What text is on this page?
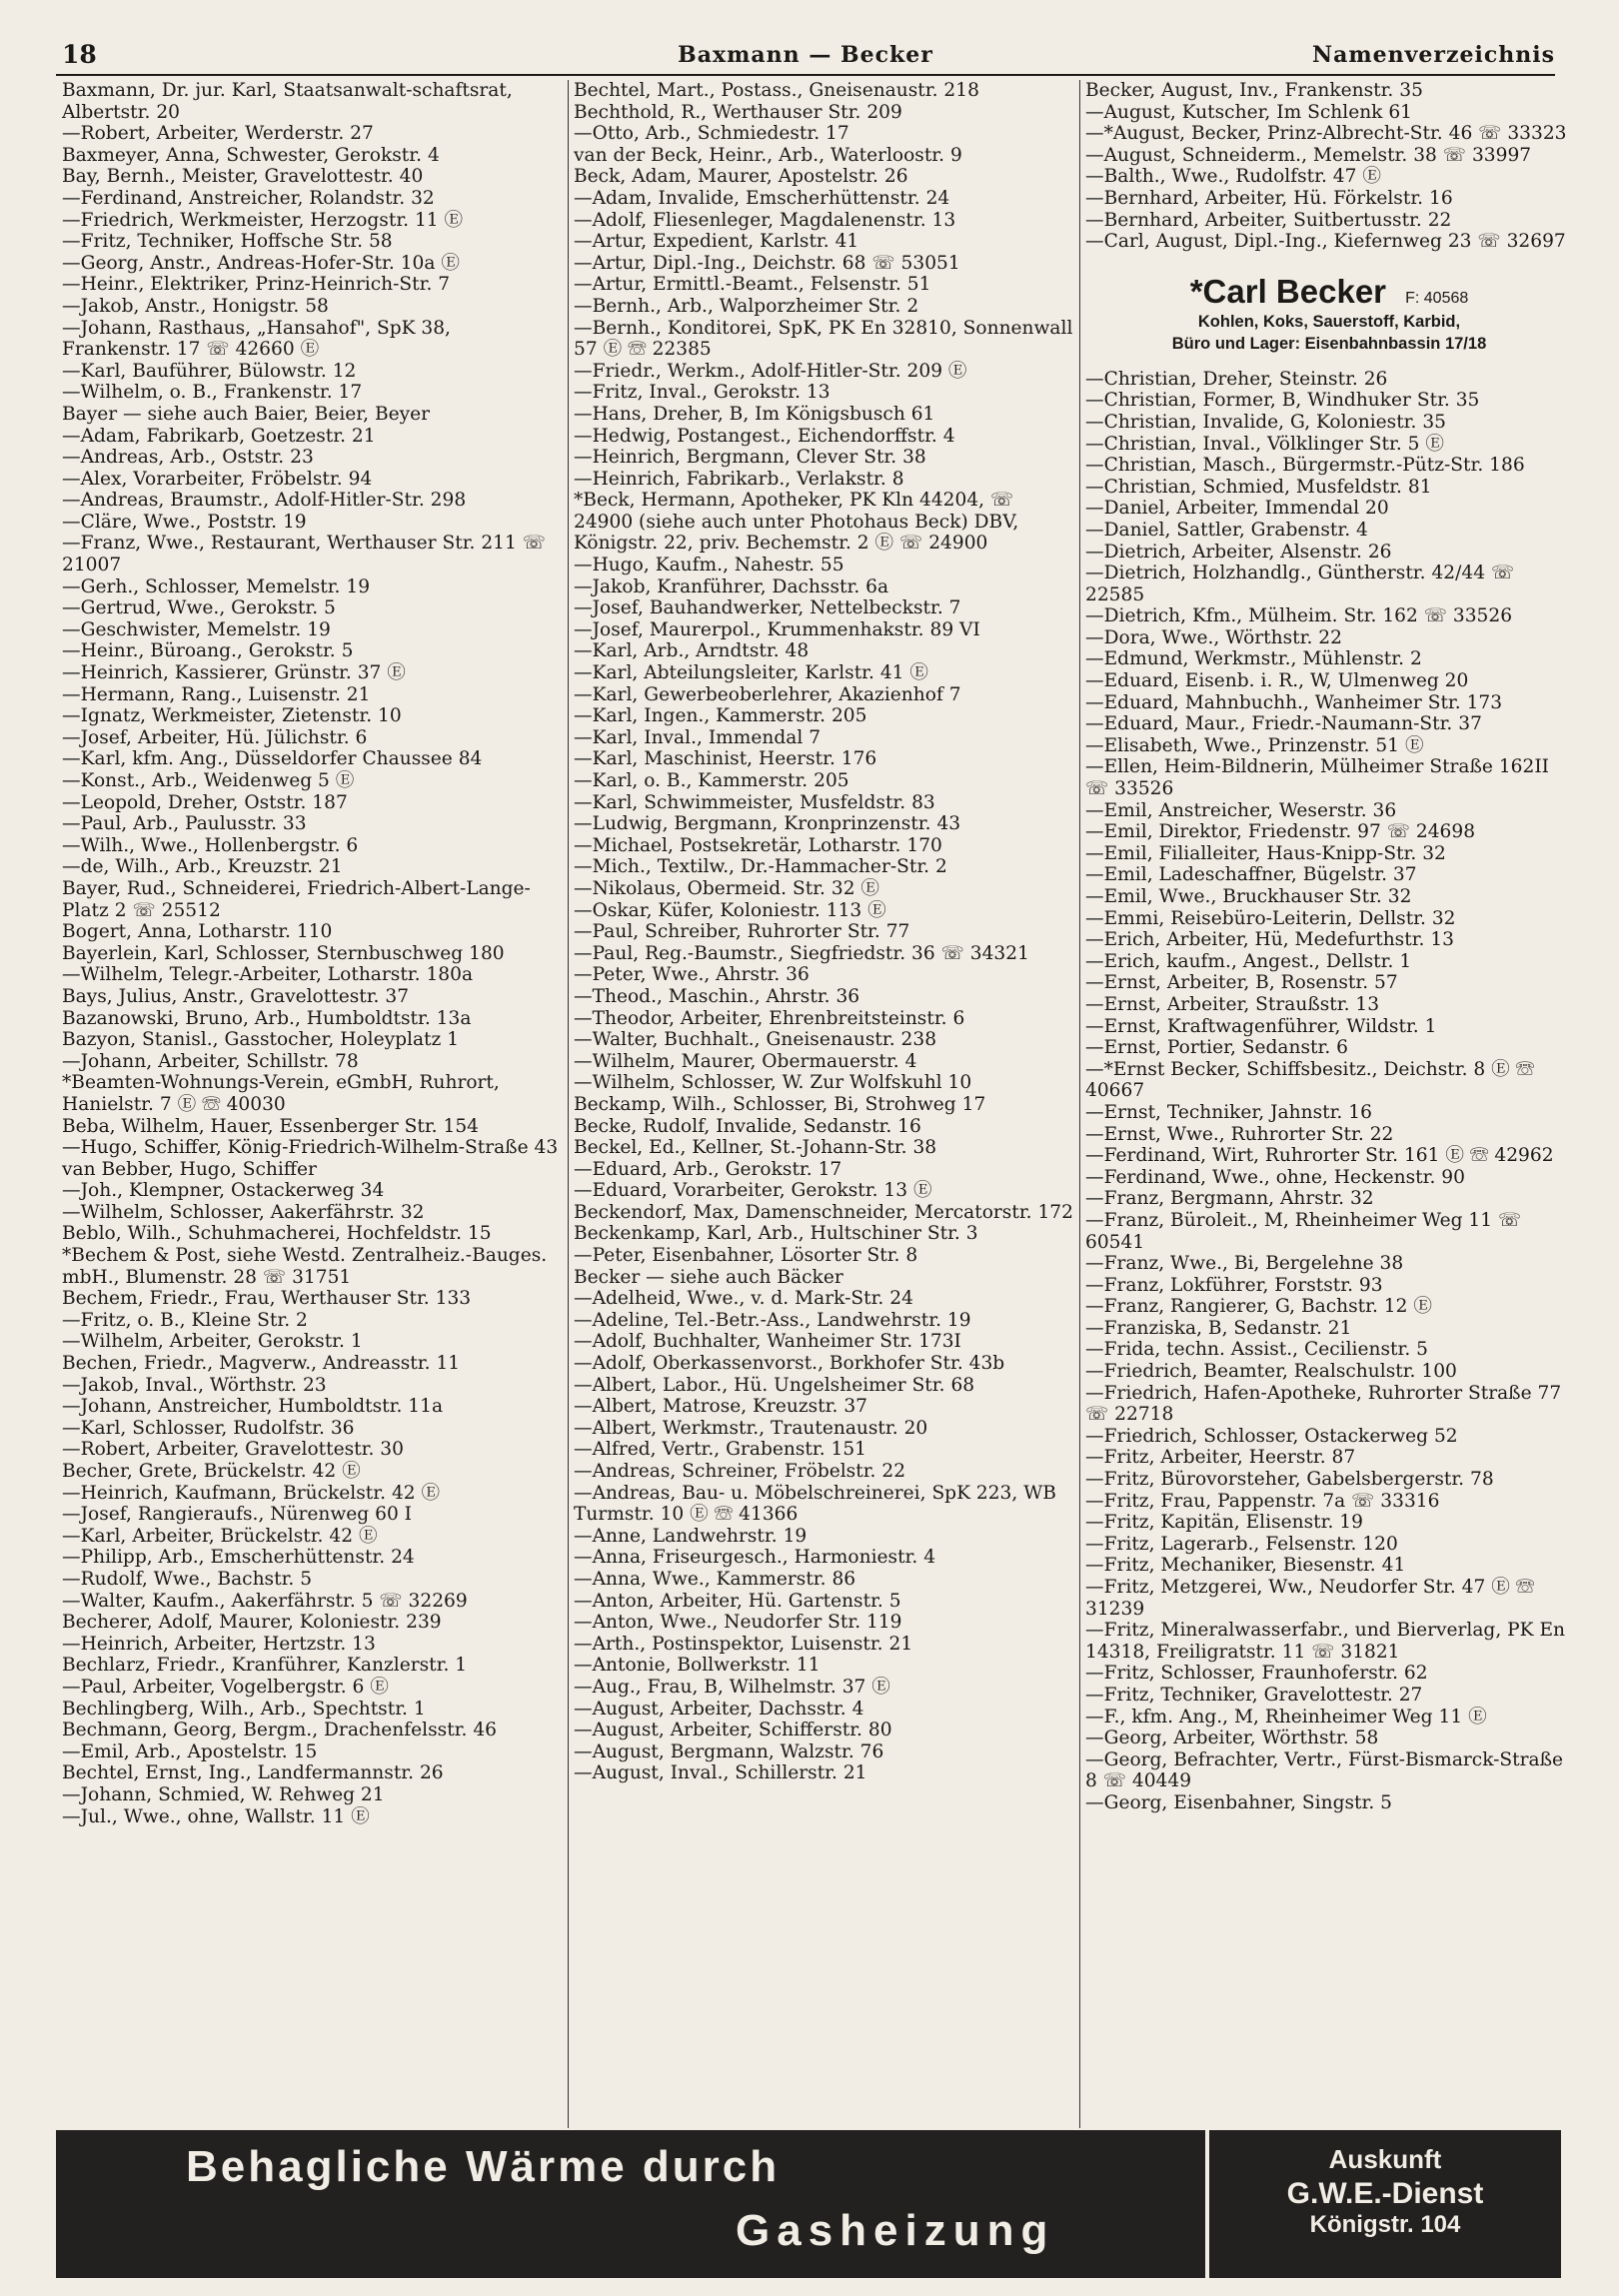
18	Baxmann — Becker	Namenverzeichnis
Baxmann, Dr. jur. Karl, Staatsanwalt-schaftsrat, Albertstr. 20
—Robert, Arbeiter, Werderstr. 27
Baxmeyer, Anna, Schwester, Gerokstr. 4
Bay, Bernh., Meister, Gravelottestr. 40
—Ferdinand, Anstreicher, Rolandstr. 32
—Friedrich, Werkmeister, Herzogstr. 11 Ⓔ
—Fritz, Techniker, Hoffsche Str. 58
—Georg, Anstr., Andreas-Hofer-Str. 10a Ⓔ
—Heinr., Elektriker, Prinz-Heinrich-Str. 7
—Jakob, Anstr., Honigstr. 58
—Johann, Rasthaus, „Hansahof", SpK 38, Frankenstr. 17 ☏ 42660 Ⓔ
—Karl, Bauführer, Bülowstr. 12
—Wilhelm, o. B., Frankenstr. 17
Bayer — siehe auch Baier, Beier, Beyer
—Adam, Fabrikarb, Goetzestr. 21
—Andreas, Arb., Oststr. 23
—Alex, Vorarbeiter, Fröbelstr. 94
—Andreas, Braumstr., Adolf-Hitler-Str. 298
—Cläre, Wwe., Poststr. 19
—Franz, Wwe., Restaurant, Werthauser Str. 211 ☏ 21007
—Gerh., Schlosser, Memelstr. 19
—Gertrud, Wwe., Gerokstr. 5
—Geschwister, Memelstr. 19
—Heinr., Büroang., Gerokstr. 5
—Heinrich, Kassierer, Grünstr. 37 Ⓔ
—Hermann, Rang., Luisenstr. 21
—Ignatz, Werkmeister, Zietenstr. 10
—Josef, Arbeiter, Hü. Jülichstr. 6
—Karl, kfm. Ang., Düsseldorfer Chaussee 84
—Konst., Arb., Weidenweg 5 Ⓔ
—Leopold, Dreher, Oststr. 187
—Paul, Arb., Paulusstr. 33
—Wilh., Wwe., Hollenbergstr. 6
—de, Wilh., Arb., Kreuzstr. 21
Bayer, Rud., Schneiderei, Friedrich-Albert-Lange-Platz 2 ☏ 25512
Bogert, Anna, Lotharstr. 110
Bayerlein, Karl, Schlosser, Sternbuschweg 180
—Wilhelm, Telegr.-Arbeiter, Lotharstr. 180a
Bays, Julius, Anstr., Gravelottestr. 37
Bazanowski, Bruno, Arb., Humboldtstr. 13a
Bazyon, Stanisl., Gasstocher, Holeyplatz 1
—Johann, Arbeiter, Schillstr. 78
*Beamten-Wohnungs-Verein, eGmbH, Ruhrort, Hanielstr. 7 Ⓔ ☏ 40030
Beba, Wilhelm, Hauer, Essenberger Str. 154
—Hugo, Schiffer, König-Friedrich-Wilhelm-Straße 43
van Bebber, Hugo, Schiffer
—Joh., Klempner, Ostackerweg 34
—Wilhelm, Schlosser, Aakerfährstr. 32
Beblo, Wilh., Schuhmacherei, Hochfeldstr. 15
*Bechem & Post, siehe Westd. Zentralheiz.-Bauges. mbH., Blumenstr. 28 ☏ 31751
Bechem, Friedr., Frau, Werthauser Str. 133
—Fritz, o. B., Kleine Str. 2
—Wilhelm, Arbeiter, Gerokstr. 1
Bechen, Friedr., Magverw., Andreasstr. 11
—Jakob, Inval., Wörthstr. 23
—Johann, Anstreicher, Humboldtstr. 11a
—Karl, Schlosser, Rudolfstr. 36
—Robert, Arbeiter, Gravelottestr. 30
Becher, Grete, Brückelstr. 42 Ⓔ
—Heinrich, Kaufmann, Brückelstr. 42 Ⓔ
—Josef, Rangieraufs., Nürenweg 60 I
—Karl, Arbeiter, Brückelstr. 42 Ⓔ
—Philipp, Arb., Emscherhüttenstr. 24
—Rudolf, Wwe., Bachstr. 5
—Walter, Kaufm., Aakerfährstr. 5 ☏ 32269
Becherer, Adolf, Maurer, Koloniestr. 239
—Heinrich, Arbeiter, Hertzstr. 13
Bechlarz, Friedr., Kranführer, Kanzlerstr. 1
—Paul, Arbeiter, Vogelbergstr. 6 Ⓔ
Bechlingberg, Wilh., Arb., Spechtstr. 1
Bechmann, Georg, Bergm., Drachenfelsstr. 46
—Emil, Arb., Apostelstr. 15
Bechtel, Ernst, Ing., Landfermannstr. 26
—Johann, Schmied, W. Rehweg 21
—Jul., Wwe., ohne, Wallstr. 11 Ⓔ
Bechtel, Mart., Postass., Gneisenaustr. 218
Bechthold, R., Werthauser Str. 209
—Otto, Arb., Schmiedestr. 17
van der Beck, Heinr., Arb., Waterloostr. 9
Beck, Adam, Maurer, Apostelstr. 26
—Adam, Invalide, Emscherhüttenstr. 24
—Adolf, Fliesenleger, Magdalenenstr. 13
—Artur, Expedient, Karlstr. 41
—Artur, Dipl.-Ing., Deichstr. 68 ☏ 53051
—Artur, Ermittl.-Beamt., Felsenstr. 51
—Bernh., Arb., Walporzheimer Str. 2
—Bernh., Konditorei, SpK, PK En 32810, Sonnenwall 57 Ⓔ ☏ 22385
—Friedr., Werkm., Adolf-Hitler-Str. 209 Ⓔ
—Fritz, Inval., Gerokstr. 13
—Hans, Dreher, B, Im Königsbusch 61
—Hedwig, Postangest., Eichendorffstr. 4
—Heinrich, Bergmann, Clever Str. 38
—Heinrich, Fabrikarb., Verlakstr. 8
*Beck, Hermann, Apotheker, PK Kln 44204, ☏ 24900 (siehe auch unter Photohaus Beck) DBV, Königstr. 22, priv. Bechemstr. 2 Ⓔ ☏ 24900
—Hugo, Kaufm., Nahestr. 55
—Jakob, Kranführer, Dachsstr. 6a
—Josef, Bauhandwerker, Nettelbeckstr. 7
—Josef, Maurerpol., Krummenhakstr. 89 VI
—Karl, Arb., Arndtstr. 48
—Karl, Abteilungsleiter, Karlstr. 41 Ⓔ
—Karl, Gewerbeoberlehrer, Akazienhof 7
—Karl, Ingen., Kammerstr. 205
—Karl, Inval., Immendal 7
—Karl, Maschinist, Heerstr. 176
—Karl, o. B., Kammerstr. 205
—Karl, Schwimmeister, Musfeldstr. 83
—Ludwig, Bergmann, Kronprinzenstr. 43
—Michael, Postsekretär, Lotharstr. 170
—Mich., Textilw., Dr.-Hammacher-Str. 2
—Nikolaus, Obermeid. Str. 32 Ⓔ
—Oskar, Küfer, Koloniestr. 113 Ⓔ
—Paul, Schreiber, Ruhrorter Str. 77
—Paul, Reg.-Baumstr., Siegfriedstr. 36 ☏ 34321
—Peter, Wwe., Ahrstr. 36
—Theod., Maschin., Ahrstr. 36
—Theodor, Arbeiter, Ehrenbreitsteinstr. 6
—Walter, Buchhalt., Gneisenaustr. 238
—Wilhelm, Maurer, Obermauerstr. 4
—Wilhelm, Schlosser, W. Zur Wolfskuhl 10
Beckamp, Wilh., Schlosser, Bi, Strohweg 17
Becke, Rudolf, Invalide, Sedanstr. 16
Beckel, Ed., Kellner, St.-Johann-Str. 38
—Eduard, Arb., Gerokstr. 17
—Eduard, Vorarbeiter, Gerokstr. 13 Ⓔ
Beckendorf, Max, Damenschneider, Mercatorstr. 172
Beckenkamp, Karl, Arb., Hultschiner Str. 3
—Peter, Eisenbahner, Lösorter Str. 8
Becker — siehe auch Bäcker
—Adelheid, Wwe., v. d. Mark-Str. 24
—Adeline, Tel.-Betr.-Ass., Landwehrstr. 19
—Adolf, Buchhalter, Wanheimer Str. 173I
—Adolf, Oberkassenvorst., Borkhofer Str. 43b
—Albert, Labor., Hü. Ungelsheimer Str. 68
—Albert, Matrose, Kreuzstr. 37
—Albert, Werkmstr., Trautenaustr. 20
—Alfred, Vertr., Grabenstr. 151
—Andreas, Schreiner, Fröbelstr. 22
—Andreas, Bau- u. Möbelschreinerei, SpK 223, WB Turmstr. 10 Ⓔ ☏ 41366
—Anne, Landwehrstr. 19
—Anna, Friseurgesch., Harmoniestr. 4
—Anna, Wwe., Kammerstr. 86
—Anton, Arbeiter, Hü. Gartenstr. 5
—Anton, Wwe., Neudorfer Str. 119
—Arth., Postinspektor, Luisenstr. 21
—Antonie, Bollwerkstr. 11
—Aug., Frau, B, Wilhelmstr. 37 Ⓔ
—August, Arbeiter, Dachsstr. 4
—August, Arbeiter, Schifferstr. 80
—August, Bergmann, Walzstr. 76
—August, Inval., Schillerstr. 21
Becker, August, Inv., Frankenstr. 35
—August, Kutscher, Im Schlenk 61
—*August, Becker, Prinz-Albrecht-Str. 46 ☏ 33323
—August, Schneiderm., Memelstr. 38 ☏ 33997
—Balth., Wwe., Rudolfstr. 47 Ⓔ
—Bernhard, Arbeiter, Hü. Förkelstr. 16
—Bernhard, Arbeiter, Suitbertusstr. 22
—Carl, August, Dipl.-Ing., Kiefernweg 23 ☏ 32697
*Carl Becker F: 40568
Kohlen, Koks, Sauerstoff, Karbid,
Büro und Lager: Eisenbahnbassin 17/18
—Christian, Dreher, Steinstr. 26
—Christian, Former, B, Windhuker Str. 35
—Christian, Invalide, G, Koloniestr. 35
—Christian, Inval., Völklinger Str. 5 Ⓔ
—Christian, Masch., Bürgermstr.-Pütz-Str. 186
—Christian, Schmied, Musfeldstr. 81
—Daniel, Arbeiter, Immendal 20
—Daniel, Sattler, Grabenstr. 4
—Dietrich, Arbeiter, Alsenstr. 26
—Dietrich, Holzhandlg., Güntherstr. 42/44 ☏ 22585
—Dietrich, Kfm., Mülheim. Str. 162 ☏ 33526
—Dora, Wwe., Wörthstr. 22
—Edmund, Werkmstr., Mühlenstr. 2
—Eduard, Eisenb. i. R., W, Ulmenweg 20
—Eduard, Mahnbuchh., Wanheimer Str. 173
—Eduard, Maur., Friedr.-Naumann-Str. 37
—Elisabeth, Wwe., Prinzenstr. 51 Ⓔ
—Ellen, Heim-Bildnerin, Mülheimer Straße 162II ☏ 33526
—Emil, Anstreicher, Weserstr. 36
—Emil, Direktor, Friedenstr. 97 ☏ 24698
—Emil, Filialleiter, Haus-Knipp-Str. 32
—Emil, Ladeschaffner, Bügelstr. 37
—Emil, Wwe., Bruckhauser Str. 32
—Emmi, Reisebüro-Leiterin, Dellstr. 32
—Erich, Arbeiter, Hü, Medefurthstr. 13
—Erich, kaufm., Angest., Dellstr. 1
—Ernst, Arbeiter, B, Rosenstr. 57
—Ernst, Arbeiter, Straußstr. 13
—Ernst, Kraftwagenführer, Wildstr. 1
—Ernst, Portier, Sedanstr. 6
—*Ernst Becker, Schiffsbesitz., Deichstr. 8 Ⓔ ☏ 40667
—Ernst, Techniker, Jahnstr. 16
—Ernst, Wwe., Ruhrorter Str. 22
—Ferdinand, Wirt, Ruhrorter Str. 161 Ⓔ ☏ 42962
—Ferdinand, Wwe., ohne, Heckenstr. 90
—Franz, Bergmann, Ahrstr. 32
—Franz, Büroleit., M, Rheinheimer Weg 11 ☏ 60541
—Franz, Wwe., Bi, Bergelehne 38
—Franz, Lokführer, Forststr. 93
—Franz, Rangierer, G, Bachstr. 12 Ⓔ
—Franziska, B, Sedanstr. 21
—Frida, techn. Assist., Cecilienstr. 5
—Friedrich, Beamter, Realschulstr. 100
—Friedrich, Hafen-Apotheke, Ruhrorter Straße 77 ☏ 22718
—Friedrich, Schlosser, Ostackerweg 52
—Fritz, Arbeiter, Heerstr. 87
—Fritz, Bürovorsteher, Gabelsbergerstr. 78
—Fritz, Frau, Pappenstr. 7a ☏ 33316
—Fritz, Kapitän, Elisenstr. 19
—Fritz, Lagerarb., Felsenstr. 120
—Fritz, Mechaniker, Biesenstr. 41
—Fritz, Metzgerei, Ww., Neudorfer Str. 47 Ⓔ ☏ 31239
—Fritz, Mineralwasserfabr., und Bierverlag, PK En 14318, Freiligratstr. 11 ☏ 31821
—Fritz, Schlosser, Fraunhoferstr. 62
—Fritz, Techniker, Gravelottestr. 27
—F., kfm. Ang., M, Rheinheimer Weg 11 Ⓔ
—Georg, Arbeiter, Wörthstr. 58
—Georg, Befrachter, Vertr., Fürst-Bismarck-Straße 8 ☏ 40449
—Georg, Eisenbahner, Singstr. 5
Behagliche Wärme durch
Gasheizung
Auskunft
G.W.E.-Dienst
Königstr. 104
